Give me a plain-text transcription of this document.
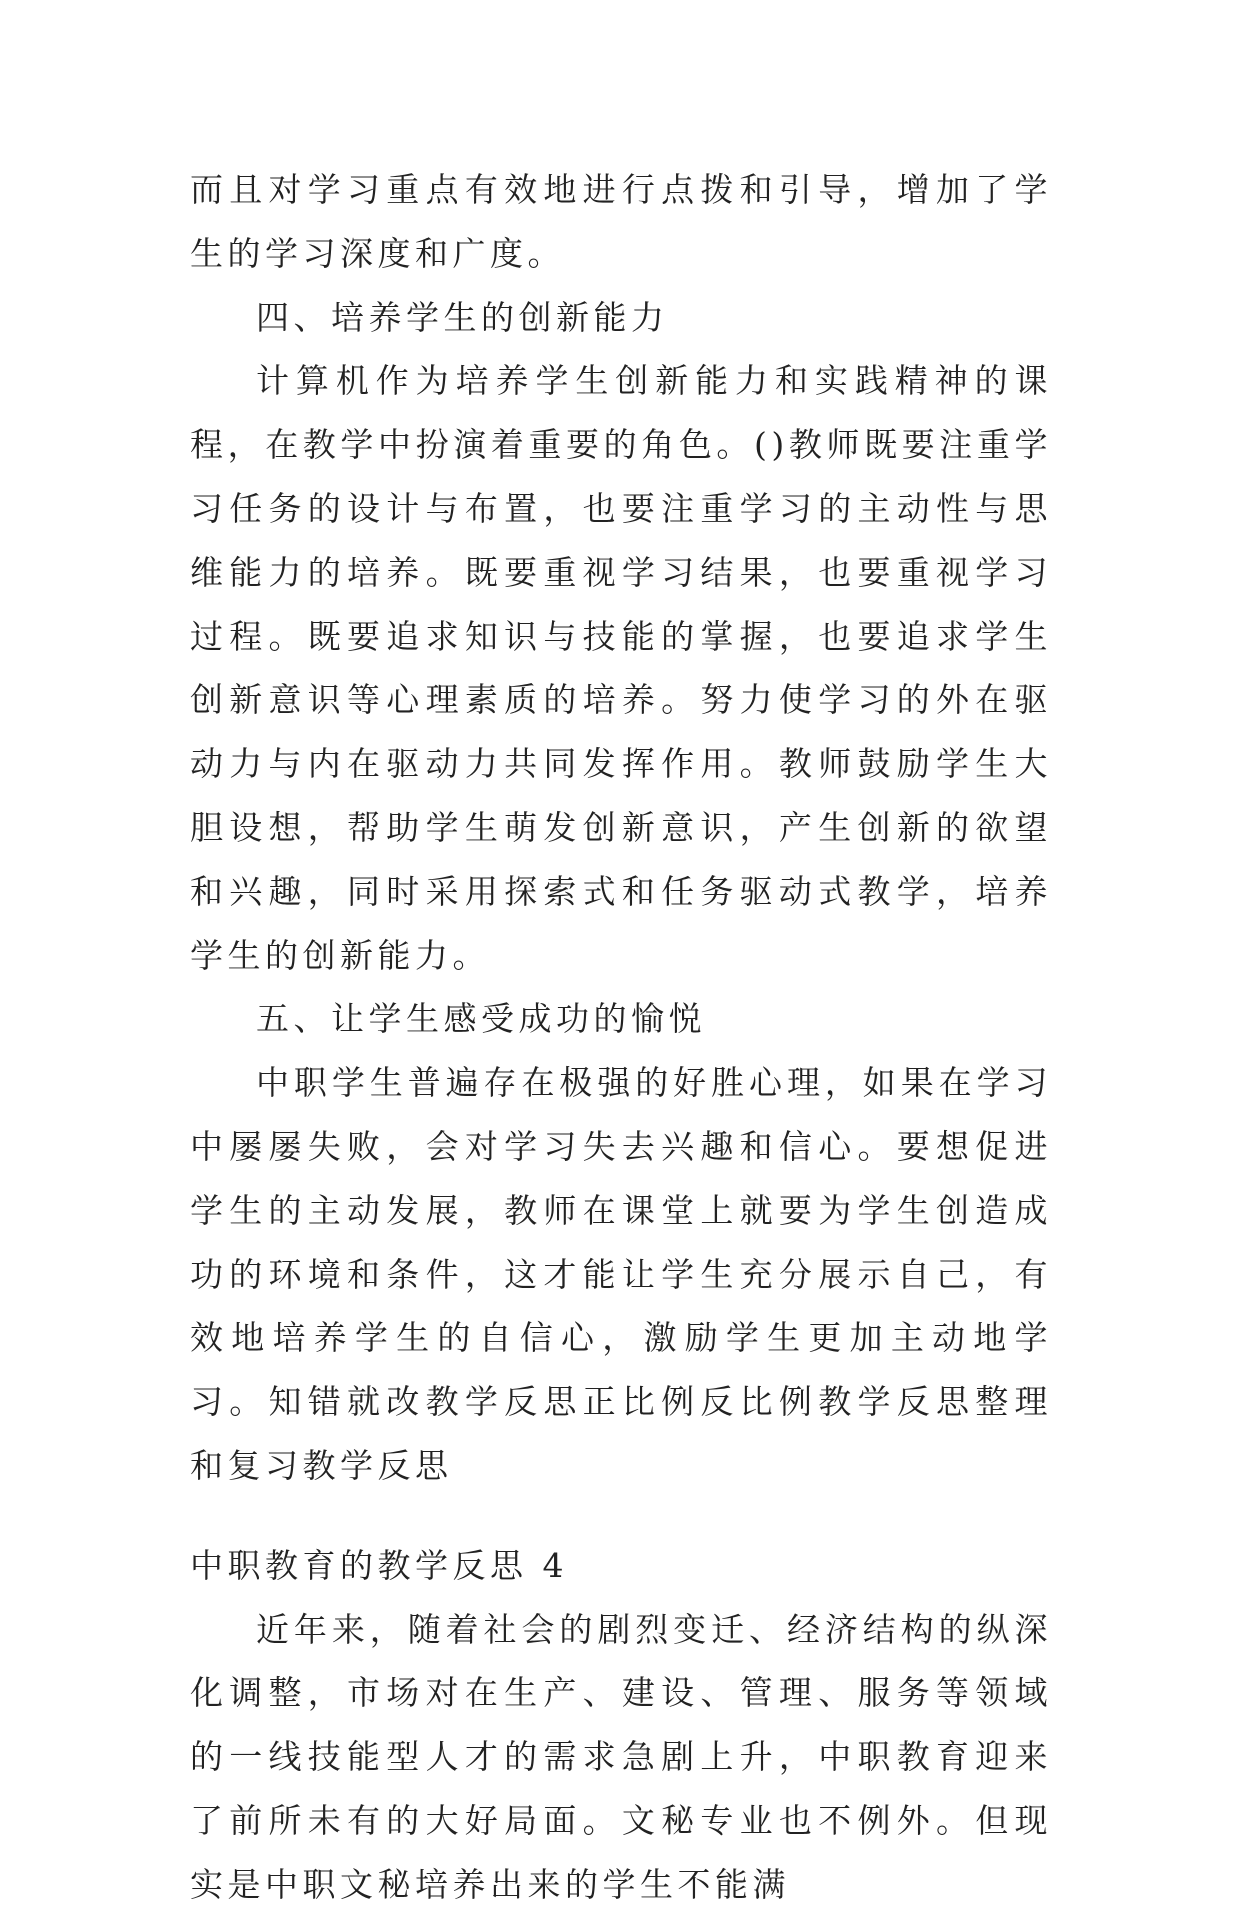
而且对学习重点有效地进行点拨和引导，增加了学生的学习深度和广度。

四、培养学生的创新能力

计算机作为培养学生创新能力和实践精神的课程，在教学中扮演着重要的角色。()教师既要注重学习任务的设计与布置，也要注重学习的主动性与思维能力的培养。既要重视学习结果，也要重视学习过程。既要追求知识与技能的掌握，也要追求学生创新意识等心理素质的培养。努力使学习的外在驱动力与内在驱动力共同发挥作用。教师鼓励学生大胆设想，帮助学生萌发创新意识，产生创新的欲望和兴趣，同时采用探索式和任务驱动式教学，培养学生的创新能力。

五、让学生感受成功的愉悦

中职学生普遍存在极强的好胜心理，如果在学习中屡屡失败，会对学习失去兴趣和信心。要想促进学生的主动发展，教师在课堂上就要为学生创造成功的环境和条件，这才能让学生充分展示自己，有效地培养学生的自信心，激励学生更加主动地学习。知错就改教学反思正比例反比例教学反思整理和复习教学反思

中职教育的教学反思 4

近年来，随着社会的剧烈变迁、经济结构的纵深化调整，市场对在生产、建设、管理、服务等领域的一线技能型人才的需求急剧上升，中职教育迎来了前所未有的大好局面。文秘专业也不例外。但现实是中职文秘培养出来的学生不能满
